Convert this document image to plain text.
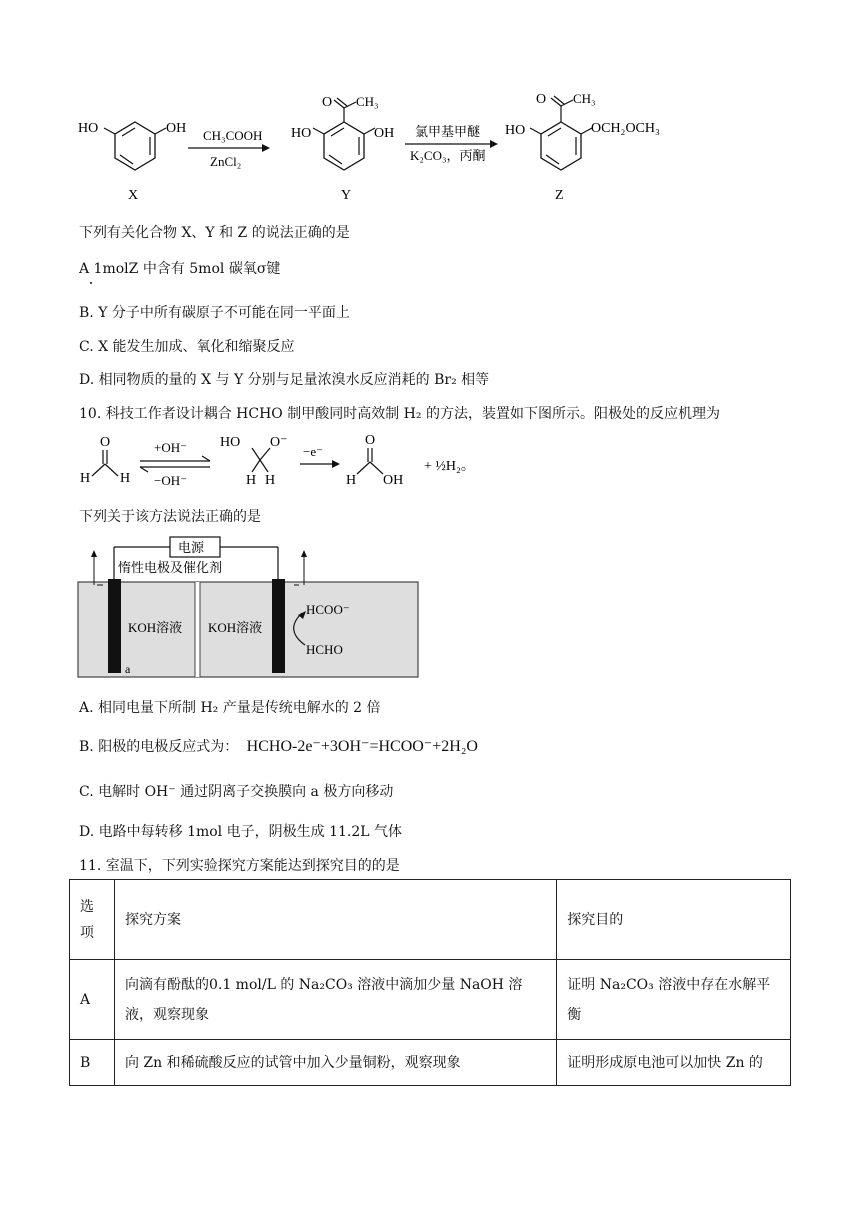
HO	OH
X
CH₃COOH
ZnCl₂
O CH₃
HO	OH
Y
氯甲基甲醚
K₂CO₃，丙酮
O CH₃
HO	OCH₂OCH₃
Z
下列有关化合物 X、Y 和 Z 的说法正确的是
A 1molZ 中含有 5mol 碳氧σ键
B. Y 分子中所有碳原子不可能在同一平面上
C. X 能发生加成、氧化和缩聚反应
D. 相同物质的量的 X 与 Y 分别与足量浓溴水反应消耗的 Br₂ 相等
10. 科技工作者设计耦合 HCHO 制甲酸同时高效制 H₂ 的方法，装置如下图所示。阳极处的反应机理为
O
H H
+OH⁻
−OH⁻
HO O⁻
H H
−e⁻
O
H OH
+ ½H₂。
下列关于该方法说法正确的是
电源
惰性电极及催化剂
KOH溶液 KOH溶液
HCOO⁻
HCHO
a
A. 相同电量下所制 H₂ 产量是传统电解水的 2 倍
B. 阳极的电极反应式为： HCHO-2e⁻+3OH⁻=HCOO⁻+2H₂O
C. 电解时 OH⁻ 通过阴离子交换膜向 a 极方向移动
D. 电路中每转移 1mol 电子，阴极生成 11.2L 气体
11. 室温下，下列实验探究方案能达到探究目的的是
选项	探究方案	探究目的
A	向滴有酚酞的0.1 mol/L 的 Na₂CO₃ 溶液中滴加少量 NaOH 溶液，观察现象	证明 Na₂CO₃ 溶液中存在水解平衡
B	向 Zn 和稀硫酸反应的试管中加入少量铜粉，观察现象	证明形成原电池可以加快 Zn 的
